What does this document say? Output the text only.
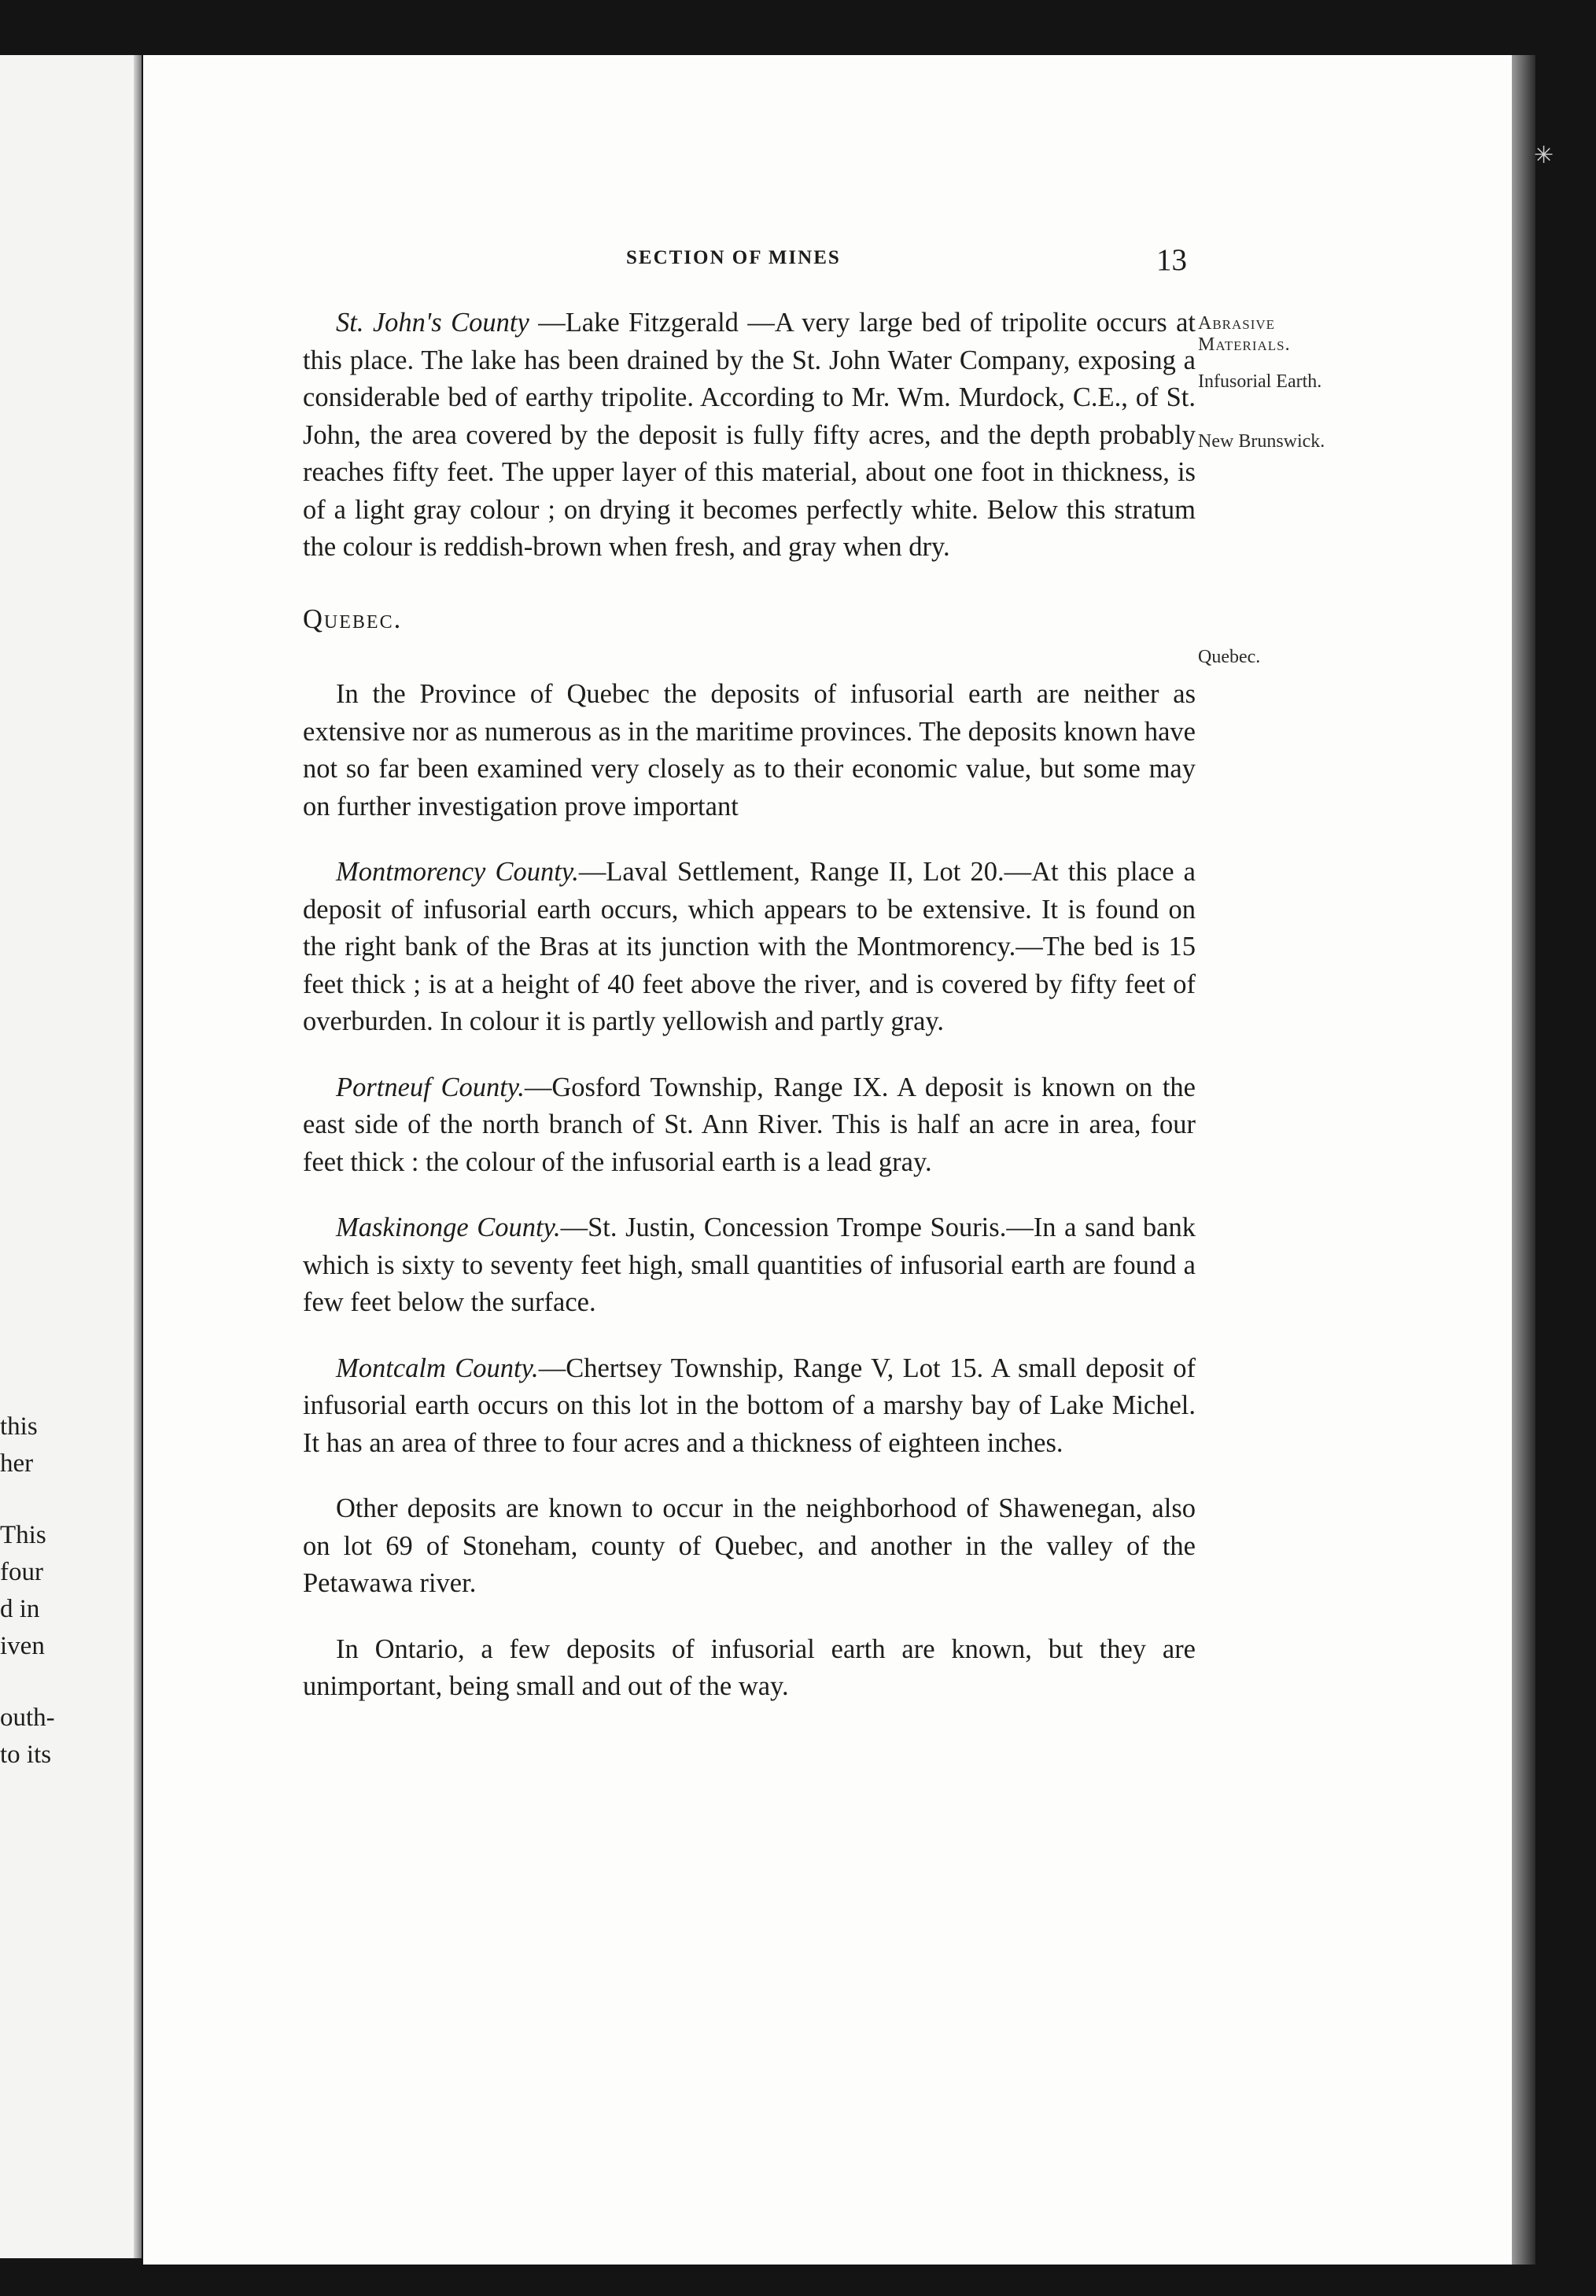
this
her
This
four
d in
iven
outh-
to its
✳
SECTION OF MINES	13
Abrasive Materials.
Infusorial Earth.
New Brunswick.
Quebec.

St. John's County —Lake Fitzgerald —A very large bed of tripolite occurs at this place. The lake has been drained by the St. John Water Company, exposing a considerable bed of earthy tripolite. According to Mr. Wm. Murdock, C.E., of St. John, the area covered by the deposit is fully fifty acres, and the depth probably reaches fifty feet. The upper layer of this material, about one foot in thickness, is of a light gray colour ; on drying it becomes perfectly white. Below this stratum the colour is reddish-brown when fresh, and gray when dry.

Quebec.

In the Province of Quebec the deposits of infusorial earth are neither as extensive nor as numerous as in the maritime provinces. The deposits known have not so far been examined very closely as to their economic value, but some may on further investigation prove important

Montmorency County.—Laval Settlement, Range II, Lot 20.—At this place a deposit of infusorial earth occurs, which appears to be extensive. It is found on the right bank of the Bras at its junction with the Montmorency.—The bed is 15 feet thick ; is at a height of 40 feet above the river, and is covered by fifty feet of overburden. In colour it is partly yellowish and partly gray.

Portneuf County.—Gosford Township, Range IX. A deposit is known on the east side of the north branch of St. Ann River. This is half an acre in area, four feet thick : the colour of the infusorial earth is a lead gray.

Maskinonge County.—St. Justin, Concession Trompe Souris.—In a sand bank which is sixty to seventy feet high, small quantities of infusorial earth are found a few feet below the surface.

Montcalm County.—Chertsey Township, Range V, Lot 15. A small deposit of infusorial earth occurs on this lot in the bottom of a marshy bay of Lake Michel. It has an area of three to four acres and a thickness of eighteen inches.

Other deposits are known to occur in the neighborhood of Shawenegan, also on lot 69 of Stoneham, county of Quebec, and another in the valley of the Petawawa river.

In Ontario, a few deposits of infusorial earth are known, but they are unimportant, being small and out of the way.
